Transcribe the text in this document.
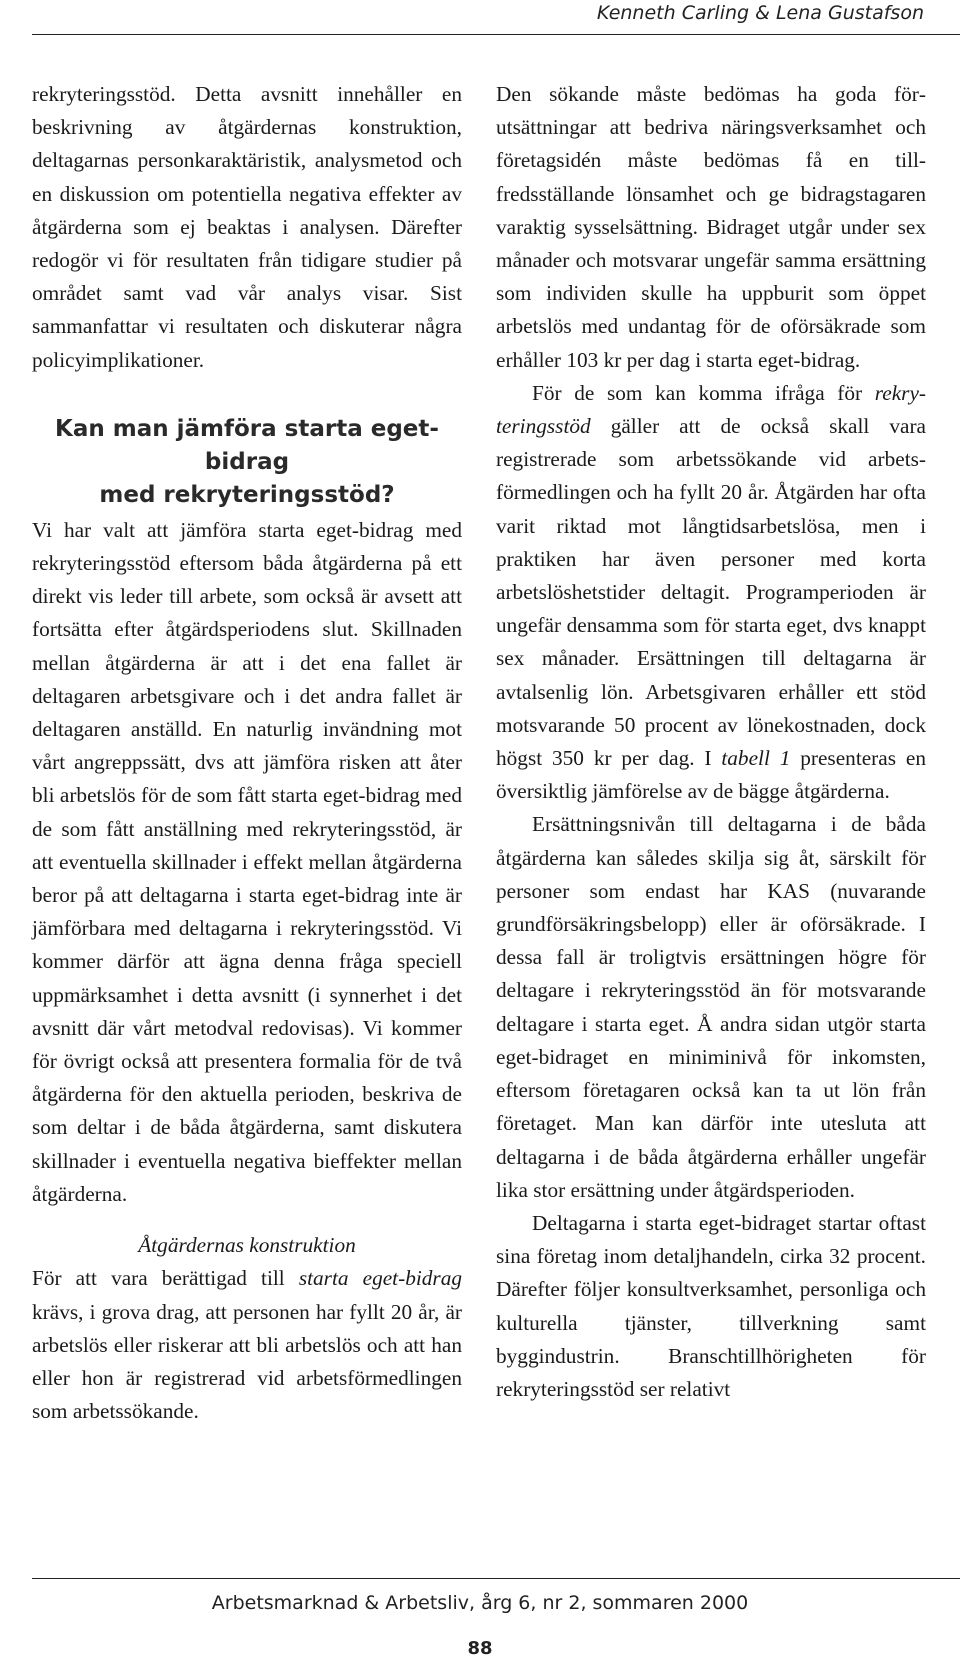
Kenneth Carling & Lena Gustafson

rekryteringsstöd. Detta avsnitt innehåller en beskrivning av åtgärdernas konstruktion, deltagarnas personkaraktäristik, analysmetod och en diskussion om potentiella negativa effekter av åtgärderna som ej beaktas i analysen. Därefter redogör vi för resultaten från tidigare studier på området samt vad vår analys visar. Sist sammanfattar vi resultaten och diskuterar några policyimplikationer.

Kan man jämföra starta eget-bidrag
med rekryteringsstöd?

Vi har valt att jämföra starta eget-bidrag med rekryteringsstöd eftersom båda åtgärderna på ett direkt vis leder till arbete, som också är avsett att fortsätta efter åtgärdsperiodens slut. Skillnaden mellan åtgärderna är att i det ena fallet är deltagaren arbetsgivare och i det andra fallet är deltagaren anställd. En naturlig invändning mot vårt angreppssätt, dvs att jämföra risken att åter bli arbetslös för de som fått starta eget-bidrag med de som fått anställning med rekryteringsstöd, är att eventuella skillnader i effekt mellan åtgärderna beror på att deltagarna i starta eget-bidrag inte är jämförbara med deltagarna i rekryteringsstöd. Vi kommer därför att ägna denna fråga speciell uppmärksamhet i detta avsnitt (i synnerhet i det avsnitt där vårt metodval redovisas). Vi kommer för övrigt också att presentera formalia för de två åtgärderna för den aktuella perioden, beskriva de som deltar i de båda åtgärderna, samt diskutera skillnader i eventuella negativa bieffekter mellan åtgärderna.

Åtgärdernas konstruktion

För att vara berättigad till starta eget-bidrag krävs, i grova drag, att personen har fyllt 20 år, är arbetslös eller riskerar att bli arbetslös och att han eller hon är registrerad vid arbetsförmedlingen som arbetssökande.

Den sökande måste bedömas ha goda förutsättningar att bedriva näringsverksamhet och företagsidén måste bedömas få en tillfredsställande lönsamhet och ge bidragstagaren varaktig sysselsättning. Bidraget utgår under sex månader och motsvarar ungefär samma ersättning som individen skulle ha uppburit som öppet arbetslös med undantag för de oförsäkrade som erhåller 103 kr per dag i starta eget-bidrag.

För de som kan komma ifråga för rekryteringsstöd gäller att de också skall vara registrerade som arbetssökande vid arbetsförmedlingen och ha fyllt 20 år. Åtgärden har ofta varit riktad mot långtidsarbetslösa, men i praktiken har även personer med korta arbetslöshetstider deltagit. Programperioden är ungefär densamma som för starta eget, dvs knappt sex månader. Ersättningen till deltagarna är avtalsenlig lön. Arbetsgivaren erhåller ett stöd motsvarande 50 procent av lönekostnaden, dock högst 350 kr per dag. I tabell 1 presenteras en översiktlig jämförelse av de bägge åtgärderna.

Ersättningsnivån till deltagarna i de båda åtgärderna kan således skilja sig åt, särskilt för personer som endast har KAS (nuvarande grundförsäkringsbelopp) eller är oförsäkrade. I dessa fall är troligtvis ersättningen högre för deltagare i rekryteringsstöd än för motsvarande deltagare i starta eget. Å andra sidan utgör starta eget-bidraget en miniminivå för inkomsten, eftersom företagaren också kan ta ut lön från företaget. Man kan därför inte utesluta att deltagarna i de båda åtgärderna erhåller ungefär lika stor ersättning under åtgärdsperioden.

Deltagarna i starta eget-bidraget startar oftast sina företag inom detaljhandeln, cirka 32 procent. Därefter följer konsultverksamhet, personliga och kulturella tjänster, tillverkning samt byggindustrin. Branschtillhörigheten för rekryteringsstöd ser relativt

Arbetsmarknad & Arbetsliv, årg 6, nr 2, sommaren 2000
88
